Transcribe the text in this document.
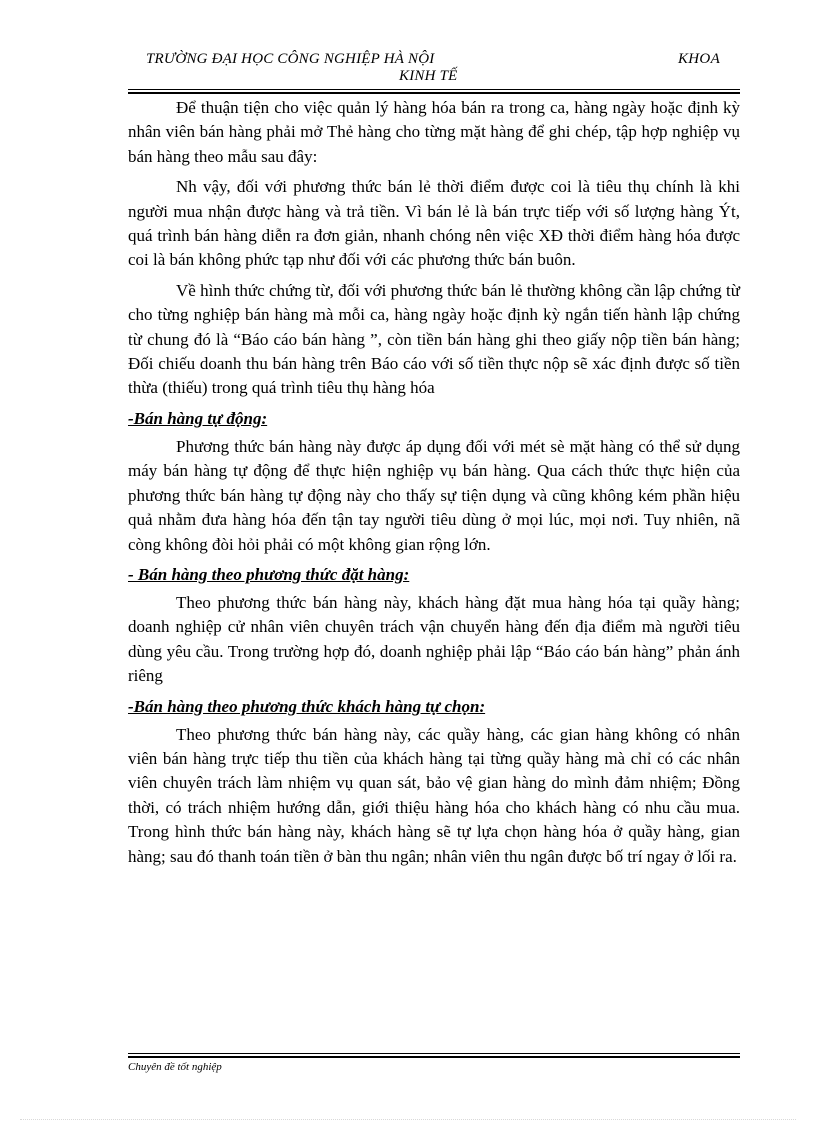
TRƯỜNG ĐẠI HỌC CÔNG NGHIỆP HÀ NỘI	KHOA
KINH TẾ

Để thuận tiện cho việc quản lý hàng hóa bán ra trong ca, hàng ngày hoặc định kỳ nhân viên bán hàng phải mở Thẻ hàng cho từng mặt hàng để ghi chép, tập hợp nghiệp vụ bán hàng theo mẫu sau đây:

Nh vậy, đối với phương thức bán lẻ thời điểm được coi là tiêu thụ chính là khi người mua nhận được hàng và trả tiền. Vì bán lẻ là bán trực tiếp với số lượng hàng Ýt, quá trình bán hàng diễn ra đơn giản, nhanh chóng nên việc XĐ thời điểm hàng hóa được coi là bán không phức tạp như đối với các phương thức bán buôn.

Về hình thức chứng từ, đối với phương thức bán lẻ thường không cần lập chứng từ cho từng nghiệp bán hàng mà mỗi ca, hàng ngày hoặc định kỳ ngắn tiến hành lập chứng từ chung đó là “Báo cáo bán hàng ”, còn tiền bán hàng ghi theo giấy nộp tiền bán hàng; Đối chiếu doanh thu bán hàng trên Báo cáo với số tiền thực nộp sẽ xác định được số tiền thừa (thiếu) trong quá trình tiêu thụ hàng hóa

-Bán hàng tự động:

Phương thức bán hàng này được áp dụng đối với mét sè mặt hàng có thể sử dụng máy bán hàng tự động để thực hiện nghiệp vụ bán hàng. Qua cách thức thực hiện của phương thức bán hàng tự động này cho thấy sự tiện dụng và cũng không kém phần hiệu quả nhằm đưa hàng hóa đến tận tay người tiêu dùng ở mọi lúc, mọi nơi. Tuy nhiên, nã còng không đòi hỏi phải có một không gian rộng lớn.

- Bán hàng theo phương thức đặt hàng:

Theo phương thức bán hàng này, khách hàng đặt mua hàng hóa tại quầy hàng; doanh nghiệp cử nhân viên chuyên trách vận chuyển hàng đến địa điểm mà người tiêu dùng yêu cầu. Trong trường hợp đó, doanh nghiệp phải lập “Báo cáo bán hàng” phản ánh riêng

-Bán hàng theo phương thức khách hàng tự chọn:

Theo phương thức bán hàng này, các quầy hàng, các gian hàng không có nhân viên bán hàng trực tiếp thu tiền của khách hàng tại từng quầy hàng mà chỉ có các nhân viên chuyên trách làm nhiệm vụ quan sát, bảo vệ gian hàng do mình đảm nhiệm; Đồng thời, có trách nhiệm hướng dẫn, giới thiệu hàng hóa cho khách hàng có nhu cầu mua. Trong hình thức bán hàng này, khách hàng sẽ tự lựa chọn hàng hóa ở quầy hàng, gian hàng; sau đó thanh toán tiền ở bàn thu ngân; nhân viên thu ngân được bố trí ngay ở lối ra.

Chuyên đề tốt nghiệp
